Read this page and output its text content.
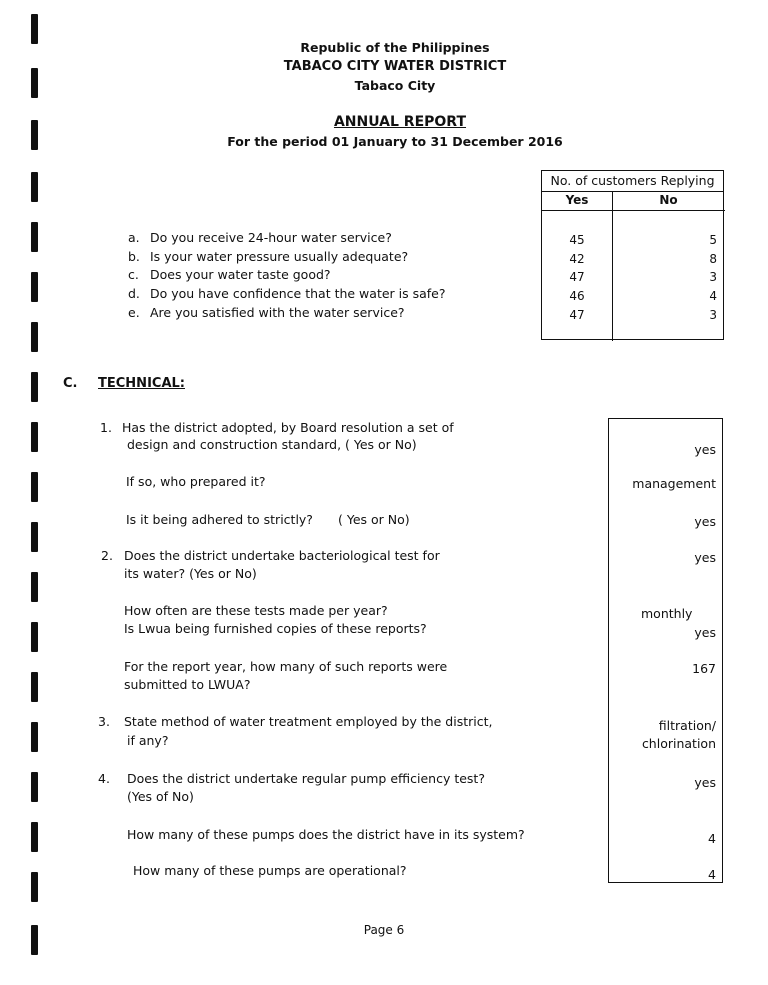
Republic of the Philippines
TABACO CITY WATER DISTRICT
Tabaco City
ANNUAL REPORT
For the period 01 January to 31 December 2016
No. of customers Replying
Yes	No
45
42
47
46
47
5
8
3
4
3
a. Do you receive 24-hour water service?
b. Is your water pressure usually adequate?
c. Does your water taste good?
d. Do you have confidence that the water is safe?
e. Are you satisfied with the water service?
C. TECHNICAL:
1. Has the district adopted, by Board resolution a set of
design and construction standard, ( Yes or No)
If so, who prepared it?
Is it being adhered to strictly? ( Yes or No)
2. Does the district undertake bacteriological test for
its water? (Yes or No)
How often are these tests made per year?
Is Lwua being furnished copies of these reports?
For the report year, how many of such reports were
submitted to LWUA?
3. State method of water treatment employed by the district,
if any?
4. Does the district undertake regular pump efficiency test?
(Yes of No)
How many of these pumps does the district have in its system?
How many of these pumps are operational?
yes
management
yes
yes
monthly
yes
167
filtration/
chlorination
yes
4
4
Page 6
